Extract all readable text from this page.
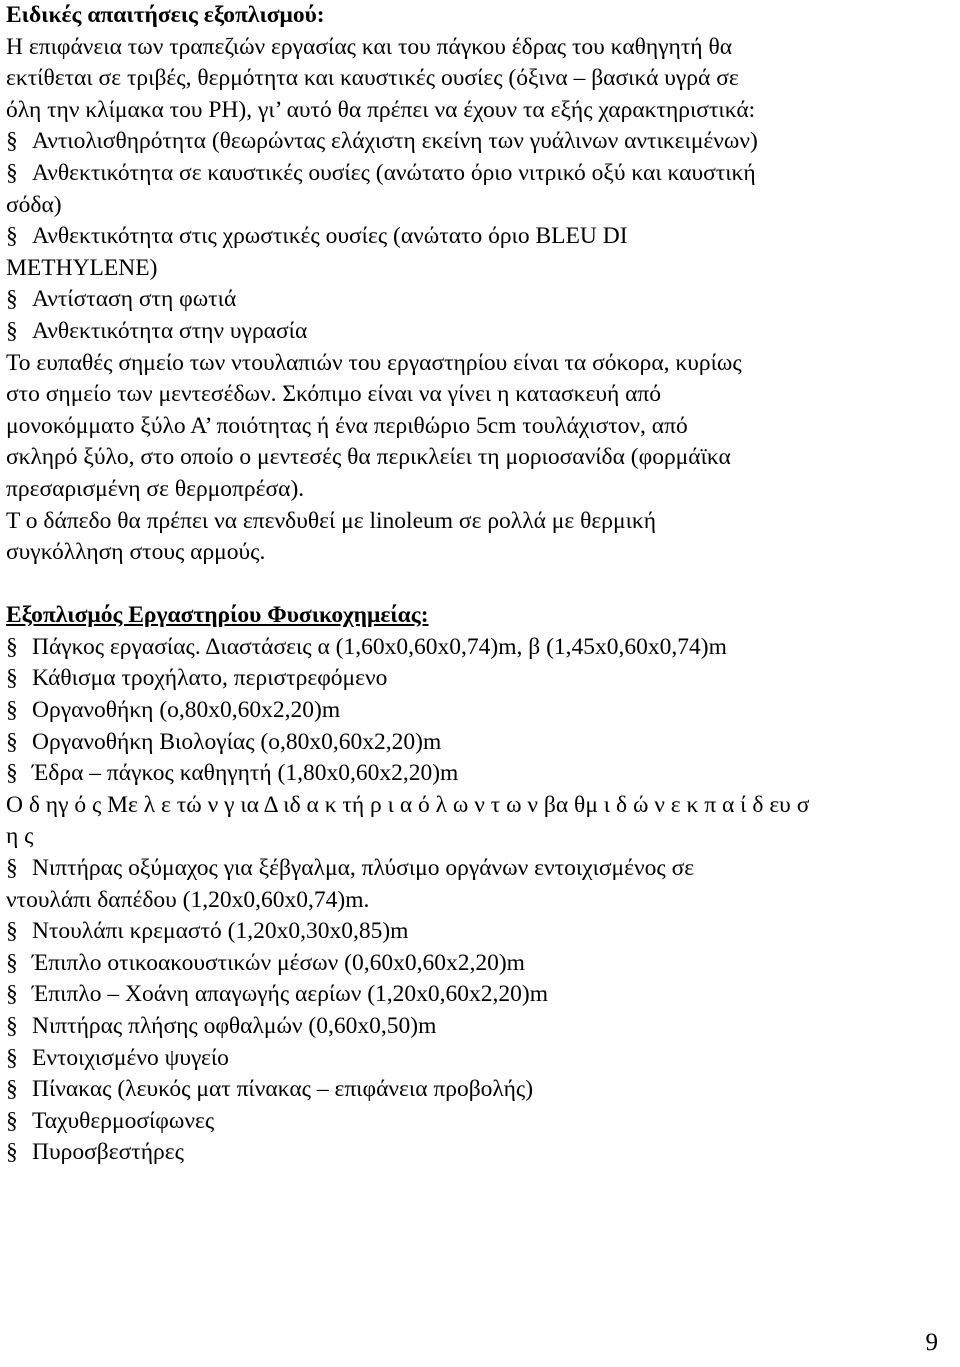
Ειδικές απαιτήσεις εξοπλισμού:
Η επιφάνεια των τραπεζιών εργασίας και του πάγκου έδρας του καθηγητή θα
εκτίθεται σε τριβές, θερμότητα και καυστικές ουσίες (όξινα – βασικά υγρά σε
όλη την κλίμακα του PH), γι’ αυτό θα πρέπει να έχουν τα εξής χαρακτηριστικά:
§ Αντιολισθηρότητα (θεωρώντας ελάχιστη εκείνη των γυάλινων αντικειμένων)
§ Ανθεκτικότητα σε καυστικές ουσίες (ανώτατο όριο νιτρικό οξύ και καυστική
σόδα)
§ Ανθεκτικότητα στις χρωστικές ουσίες (ανώτατο όριο BLEU DI
METHYLENE)
§ Αντίσταση στη φωτιά
§ Ανθεκτικότητα στην υγρασία
Το ευπαθές σημείο των ντουλαπιών του εργαστηρίου είναι τα σόκορα, κυρίως
στο σημείο των μεντεσέδων. Σκόπιμο είναι να γίνει η κατασκευή από
μονοκόμματο ξύλο Α’ ποιότητας ή ένα περιθώριο 5cm τουλάχιστον, από
σκληρό ξύλο, στο οποίο ο μεντεσές θα περικλείει τη μοριοσανίδα (φορμάϊκα
πρεσαρισμένη σε θερμοπρέσα).
Τ ο δάπεδο θα πρέπει να επενδυθεί με linoleum σε ρολλά με θερμική
συγκόλληση στους αρμούς.
Εξοπλισμός Εργαστηρίου Φυσικοχημείας:
§ Πάγκος εργασίας. Διαστάσεις α (1,60x0,60x0,74)m, β (1,45x0,60x0,74)m
§ Κάθισμα τροχήλατο, περιστρεφόμενο
§ Οργανοθήκη (ο,80x0,60x2,20)m
§ Οργανοθήκη Βιολογίας (ο,80x0,60x2,20)m
§ Έδρα – πάγκος καθηγητή (1,80x0,60x2,20)m
Ο δ ηγ ό ς Με λ ε τώ ν γ ια Δ ιδ α κ τή ρ ι α ό λ ω ν τ ω ν βα θμ ι δ ώ ν ε κ π α ί δ ευ σ
η ς
§ Νιπτήρας οξύμαχος για ξέβγαλμα, πλύσιμο οργάνων εντοιχισμένος σε
ντουλάπι δαπέδου (1,20x0,60x0,74)m.
§ Ντουλάπι κρεμαστό (1,20x0,30x0,85)m
§ Έπιπλο οτικοακουστικών μέσων (0,60x0,60x2,20)m
§ Έπιπλο – Χοάνη απαγωγής αερίων (1,20x0,60x2,20)m
§ Νιπτήρας πλήσης οφθαλμών (0,60x0,50)m
§ Εντοιχισμένο ψυγείο
§ Πίνακας (λευκός ματ πίνακας – επιφάνεια προβολής)
§ Ταχυθερμοσίφωνες
§ Πυροσβεστήρες
9
